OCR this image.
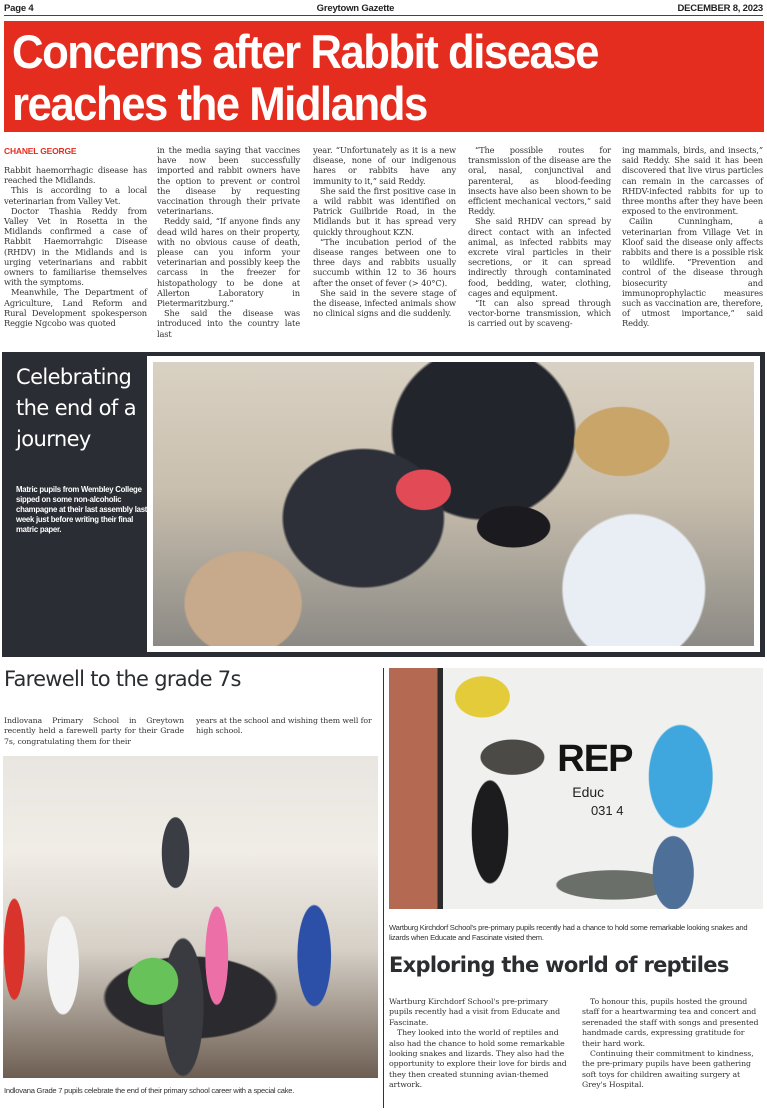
Page 4	Greytown Gazette	DECEMBER 8, 2023
Concerns after Rabbit disease
reaches the Midlands
CHANEL GEORGE

Rabbit haemorrhagic disease has reached the Midlands.

This is according to a local veterinarian from Valley Vet.

Doctor Thashia Reddy from Valley Vet in Rosetta in the Midlands confirmed a case of Rabbit Haemorrahgic Disease (RHDV) in the Midlands and is urging veterinarians and rabbit owners to familiarise themselves with the symptoms.

Meanwhile, The Department of Agriculture, Land Reform and Rural Development spokesperson Reggie Ngcobo was quoted

in the media saying that vaccines have now been successfully imported and rabbit owners have the option to prevent or control the disease by requesting vaccination through their private veterinarians.

Reddy said, “If anyone finds any dead wild hares on their property, with no obvious cause of death, please can you inform your veterinarian and possibly keep the carcass in the freezer for histopathology to be done at Allerton Laboratory in Pietermaritzburg.”

She said the disease was introduced into the country late last

year. “Unfortunately as it is a new disease, none of our indigenous hares or rabbits have any immunity to it,” said Reddy.

She said the first positive case in a wild rabbit was identified on Patrick Guilbride Road, in the Midlands but it has spread very quickly throughout KZN.

“The incubation period of the disease ranges between one to three days and rabbits usually succumb within 12 to 36 hours after the onset of fever (> 40°C).

She said in the severe stage of the disease, infected animals show no clinical signs and die suddenly.

“The possible routes for transmission of the disease are the oral, nasal, conjunctival and parenteral, as blood-feeding insects have also been shown to be efficient mechanical vectors,” said Reddy.

She said RHDV can spread by direct contact with an infected animal, as infected rabbits may excrete viral particles in their secretions, or it can spread indirectly through contaminated food, bedding, water, clothing, cages and equipment.

“It can also spread through vector-borne transmission, which is carried out by scaveng-

ing mammals, birds, and insects,” said Reddy. She said it has been discovered that live virus particles can remain in the carcasses of RHDV-infected rabbits for up to three months after they have been exposed to the environment.

Cailin Cunningham, a veterinarian from Village Vet in Kloof said the disease only affects rabbits and there is a possible risk to wildlife. “Prevention and control of the disease through biosecurity and immunoprophylactic measures such as vaccination are, therefore, of utmost importance,” said Reddy.

Celebrating the end of a journey
Matric pupils from Wembley College sipped on some non-alcoholic champagne at their last assembly last week just before writing their final matric paper.
Farewell to the grade 7s
Indlovana Primary School in Greytown recently held a farewell party for their Grade 7s, congratulating them for their
years at the school and wishing them well for high school.
Indlovana Grade 7 pupils celebrate the end of their primary school career with a special cake.
REP
Educ
031 4
Wartburg Kirchdorf School's pre-primary pupils recently had a chance to hold some remarkable looking snakes and lizards when Educate and Fascinate visited them.
Exploring the world of reptiles

Wartburg Kirchdorf School's pre-primary pupils recently had a visit from Educate and Fascinate.

They looked into the world of reptiles and also had the chance to hold some remarkable looking snakes and lizards. They also had the opportunity to explore their love for birds and they then created stunning avian-themed artwork.

To honour this, pupils hosted the ground staff for a heartwarming tea and concert and serenaded the staff with songs and presented handmade cards, expressing gratitude for their hard work.

Continuing their commitment to kindness, the pre-primary pupils have been gathering soft toys for children awaiting surgery at Grey's Hospital.
